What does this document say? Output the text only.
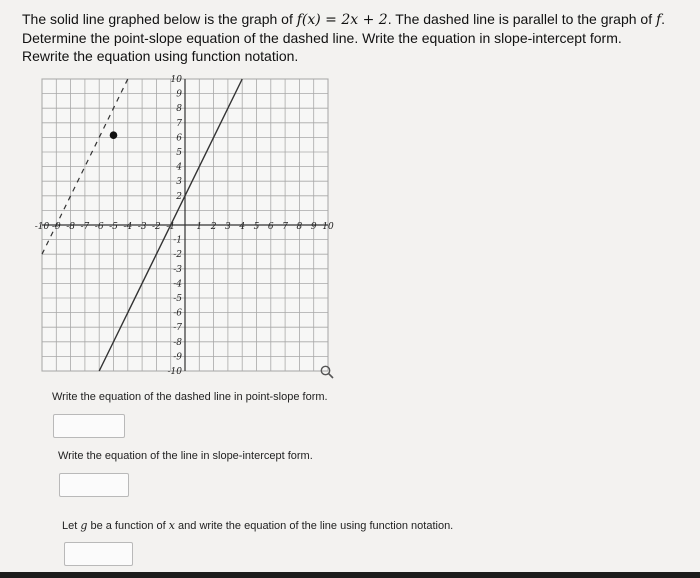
The solid line graphed below is the graph of f(x) = 2x + 2. The dashed line is parallel to the graph of f. Determine the point-slope equation of the dashed line. Write the equation in slope-intercept form. Rewrite the equation using function notation.
-10 -9 -8 -7 -6 -5 -4 -3 -2 -1 1 2 3 4 5 6 7 8 9 10
10
9
8
7
6
5
4
3
2
-1
-2
-3
-4
-5
-6
-7
-8
-9
-10
Write the equation of the dashed line in point-slope form.
Write the equation of the line in slope-intercept form.
Let g be a function of x and write the equation of the line using function notation.
